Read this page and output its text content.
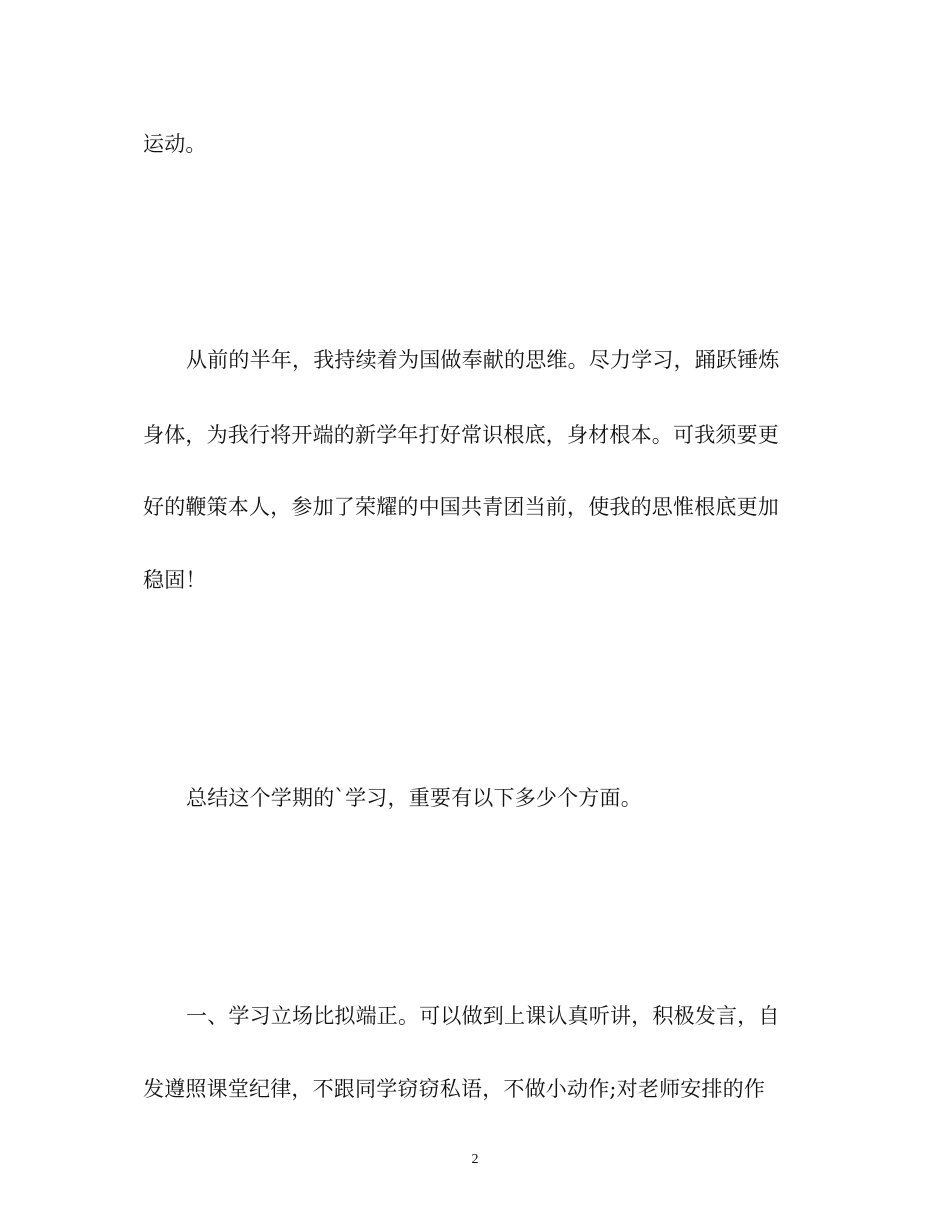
运动。
从前的半年，我持续着为国做奉献的思维。尽力学习，踊跃锤炼
身体，为我行将开端的新学年打好常识根底，身材根本。可我须要更
好的鞭策本人，参加了荣耀的中国共青团当前，使我的思惟根底更加
稳固！
总结这个学期的`学习，重要有以下多少个方面。
一、学习立场比拟端正。可以做到上课认真听讲，积极发言，自
发遵照课堂纪律，不跟同学窃窃私语，不做小动作;对老师安排的作
2
